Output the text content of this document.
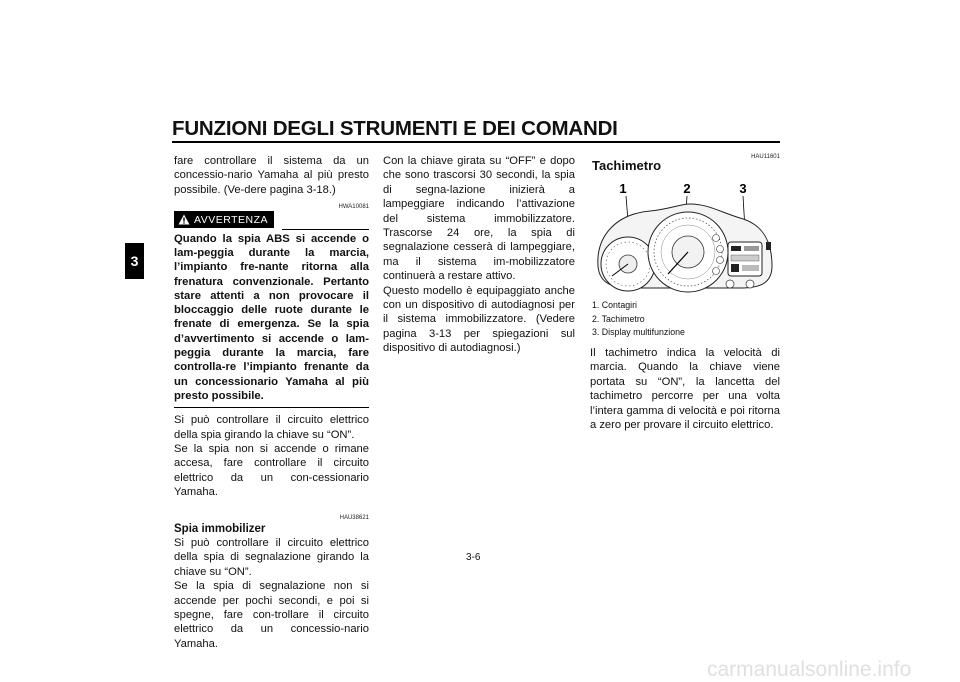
FUNZIONI DEGLI STRUMENTI E DEI COMANDI
3

fare controllare il sistema da un concessio-nario Yamaha al più presto possibile. (Ve-dere pagina 3-18.)

HWA10081
AVVERTENZA

Quando la spia ABS si accende o lam-peggia durante la marcia, l’impianto fre-nante ritorna alla frenatura convenzionale. Pertanto stare attenti a non provocare il bloccaggio delle ruote durante le frenate di emergenza. Se la spia d’avvertimento si accende o lam-peggia durante la marcia, fare controlla-re l’impianto frenante da un concessionario Yamaha al più presto possibile.

Si può controllare il circuito elettrico della spia girando la chiave su “ON”.

Se la spia non si accende o rimane accesa, fare controllare il circuito elettrico da un con-cessionario Yamaha.

HAU38621

Spia immobilizer

Si può controllare il circuito elettrico della spia di segnalazione girando la chiave su “ON”.

Se la spia di segnalazione non si accende per pochi secondi, e poi si spegne, fare con-trollare il circuito elettrico da un concessio-nario Yamaha.

Con la chiave girata su “OFF” e dopo che sono trascorsi 30 secondi, la spia di segna-lazione inizierà a lampeggiare indicando l’attivazione del sistema immobilizzatore. Trascorse 24 ore, la spia di segnalazione cesserà di lampeggiare, ma il sistema im-mobilizzatore continuerà a restare attivo.

Questo modello è equipaggiato anche con un dispositivo di autodiagnosi per il sistema immobilizzatore. (Vedere pagina 3-13 per spiegazioni sul dispositivo di autodiagnosi.)

HAU11601
Tachimetro
1	2	3
1. Contagiri
2. Tachimetro
3. Display multifunzione

Il tachimetro indica la velocità di marcia. Quando la chiave viene portata su “ON”, la lancetta del tachimetro percorre per una volta l’intera gamma di velocità e poi ritorna a zero per provare il circuito elettrico.

3-6
carmanualsonline.info
